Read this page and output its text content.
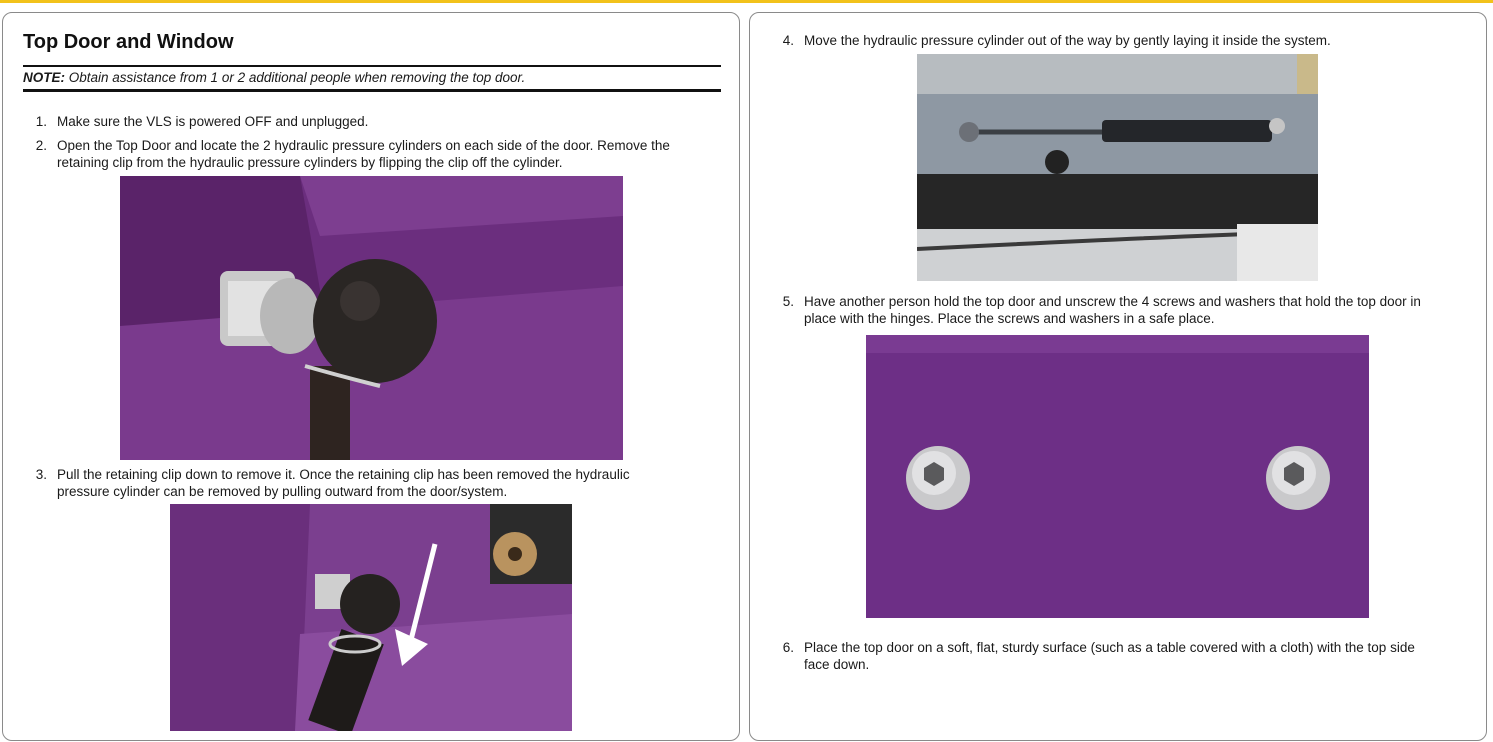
Top Door and Window
NOTE: Obtain assistance from 1 or 2 additional people when removing the top door.
1. Make sure the VLS is powered OFF and unplugged.
2. Open the Top Door and locate the 2 hydraulic pressure cylinders on each side of the door. Remove the
retaining clip from the hydraulic pressure cylinders by flipping the clip off the cylinder.
3. Pull the retaining clip down to remove it. Once the retaining clip has been removed the hydraulic
pressure cylinder can be removed by pulling outward from the door/system.
4. Move the hydraulic pressure cylinder out of the way by gently laying it inside the system.
5. Have another person hold the top door and unscrew the 4 screws and washers that hold the top door in
place with the hinges. Place the screws and washers in a safe place.
6. Place the top door on a soft, flat, sturdy surface (such as a table covered with a cloth) with the top side
face down.
